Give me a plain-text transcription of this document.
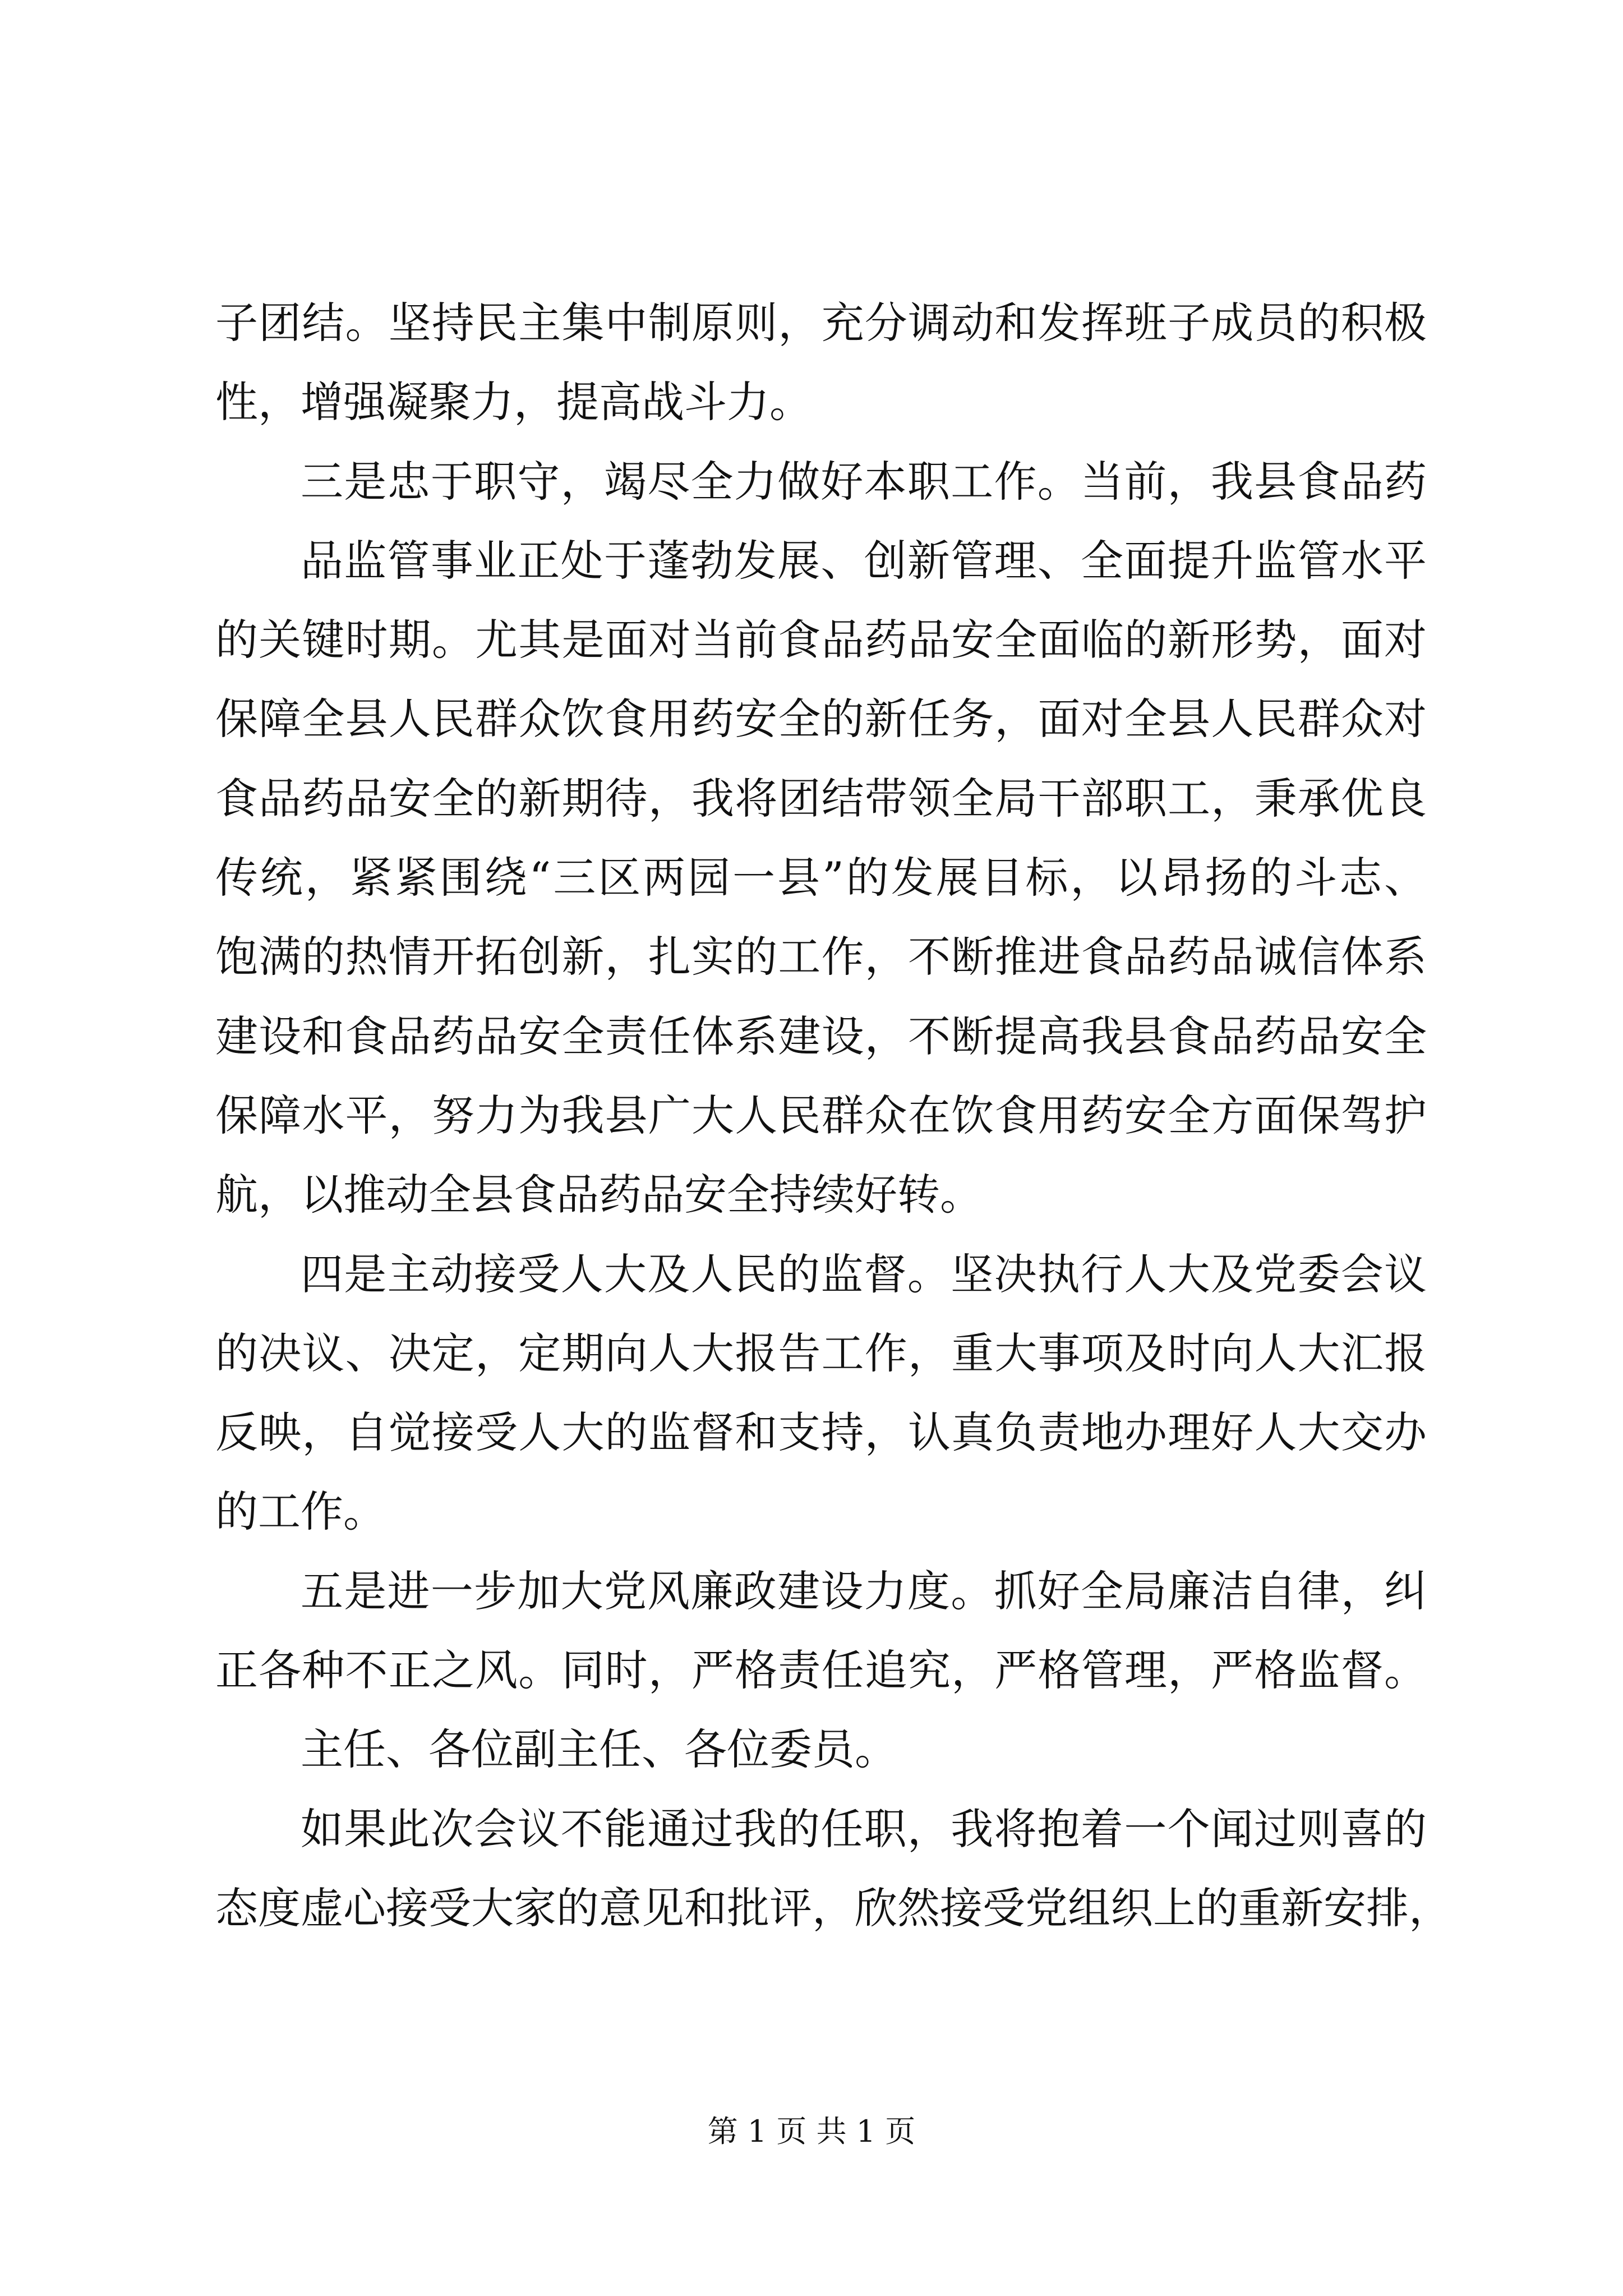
子团结。坚持民主集中制原则，充分调动和发挥班子成员的积极
性，增强凝聚力，提高战斗力。
三是忠于职守，竭尽全力做好本职工作。当前，我县食品药
品监管事业正处于蓬勃发展、创新管理、全面提升监管水平
的关键时期。尤其是面对当前食品药品安全面临的新形势，面对
保障全县人民群众饮食用药安全的新任务，面对全县人民群众对
食品药品安全的新期待，我将团结带领全局干部职工，秉承优良
传统，紧紧围绕“三区两园一县”的发展目标，以昂扬的斗志、
饱满的热情开拓创新，扎实的工作，不断推进食品药品诚信体系
建设和食品药品安全责任体系建设，不断提高我县食品药品安全
保障水平，努力为我县广大人民群众在饮食用药安全方面保驾护
航，以推动全县食品药品安全持续好转。
四是主动接受人大及人民的监督。坚决执行人大及党委会议
的决议、决定，定期向人大报告工作，重大事项及时向人大汇报
反映，自觉接受人大的监督和支持，认真负责地办理好人大交办
的工作。
五是进一步加大党风廉政建设力度。抓好全局廉洁自律，纠
正各种不正之风。同时，严格责任追究，严格管理，严格监督。
主任、各位副主任、各位委员。
如果此次会议不能通过我的任职，我将抱着一个闻过则喜的
态度虚心接受大家的意见和批评，欣然接受党组织上的重新安排，
第 1 页 共 1 页
